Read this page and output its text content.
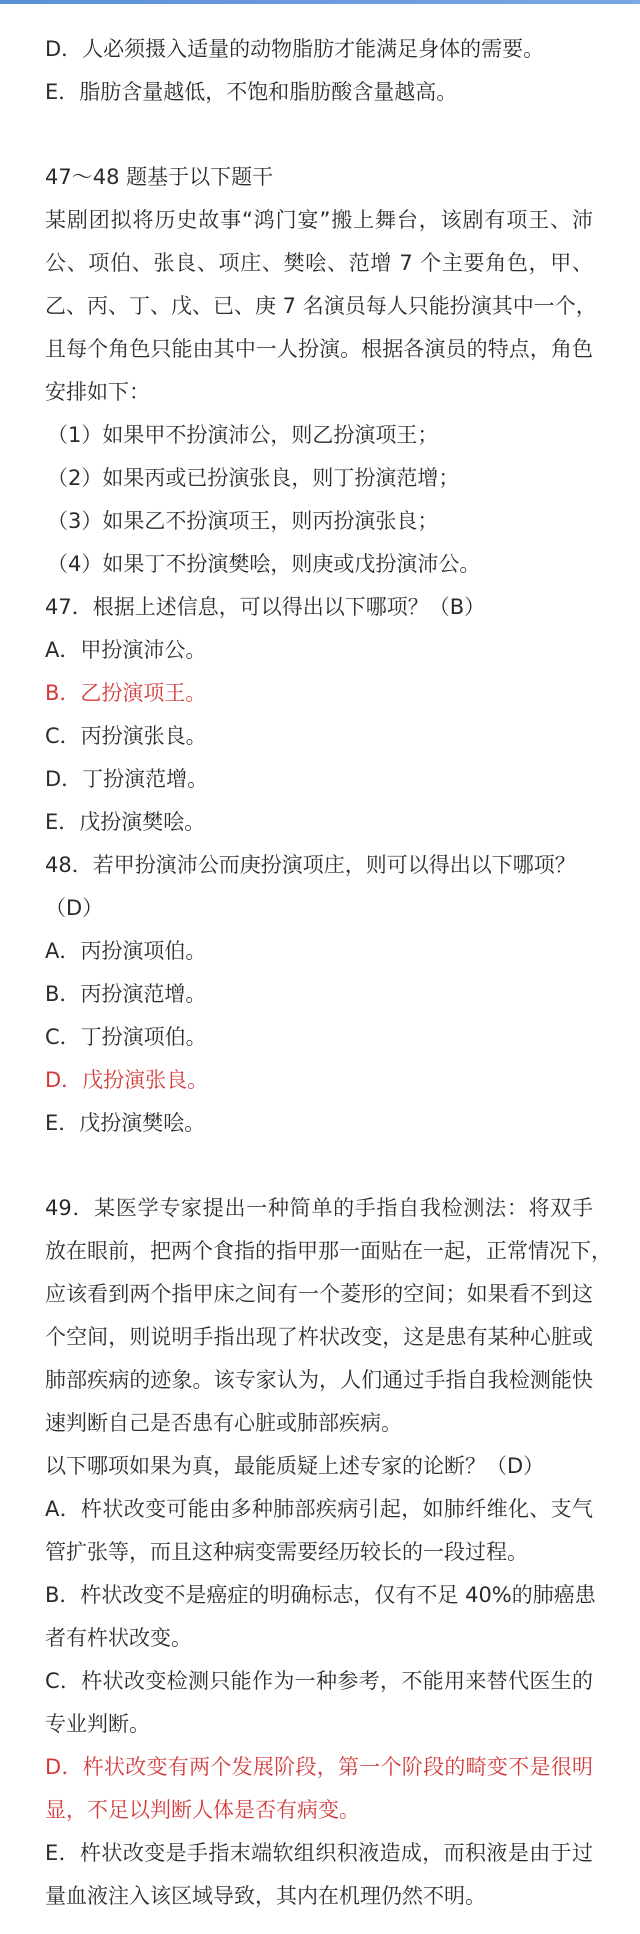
D．人必须摄入适量的动物脂肪才能满足身体的需要。
E．脂肪含量越低，不饱和脂肪酸含量越高。
47～48 题基于以下题干
某剧团拟将历史故事“鸿门宴”搬上舞台，该剧有项王、沛
公、项伯、张良、项庄、樊哙、范增 7 个主要角色，甲、
乙、丙、丁、戊、已、庚 7 名演员每人只能扮演其中一个，
且每个角色只能由其中一人扮演。根据各演员的特点，角色
安排如下：
（1）如果甲不扮演沛公，则乙扮演项王；
（2）如果丙或已扮演张良，则丁扮演范增；
（3）如果乙不扮演项王，则丙扮演张良；
（4）如果丁不扮演樊哙，则庚或戊扮演沛公。
47．根据上述信息，可以得出以下哪项？（B）
A．甲扮演沛公。
B．乙扮演项王。
C．丙扮演张良。
D．丁扮演范增。
E．戊扮演樊哙。
48．若甲扮演沛公而庚扮演项庄，则可以得出以下哪项？
（D）
A．丙扮演项伯。
B．丙扮演范增。
C．丁扮演项伯。
D．戊扮演张良。
E．戊扮演樊哙。
49．某医学专家提出一种简单的手指自我检测法：将双手
放在眼前，把两个食指的指甲那一面贴在一起，正常情况下，
应该看到两个指甲床之间有一个菱形的空间；如果看不到这
个空间，则说明手指出现了杵状改变，这是患有某种心脏或
肺部疾病的迹象。该专家认为，人们通过手指自我检测能快
速判断自己是否患有心脏或肺部疾病。
以下哪项如果为真，最能质疑上述专家的论断？（D）
A．杵状改变可能由多种肺部疾病引起，如肺纤维化、支气
管扩张等，而且这种病变需要经历较长的一段过程。
B．杵状改变不是癌症的明确标志，仅有不足 40%的肺癌患
者有杵状改变。
C．杵状改变检测只能作为一种参考，不能用来替代医生的
专业判断。
D．杵状改变有两个发展阶段，第一个阶段的畸变不是很明
显，不足以判断人体是否有病变。
E．杵状改变是手指末端软组织积液造成，而积液是由于过
量血液注入该区域导致，其内在机理仍然不明。
